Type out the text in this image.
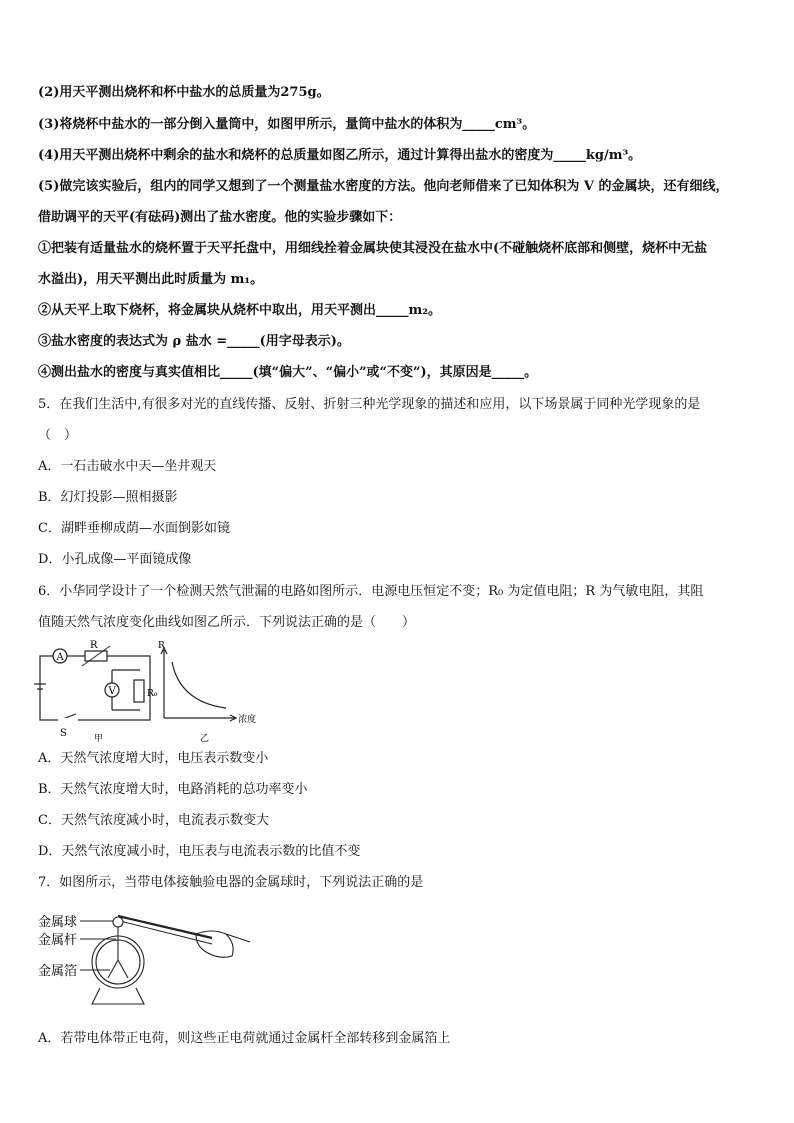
(2)用天平测出烧杯和杯中盐水的总质量为275g。
(3)将烧杯中盐水的一部分倒入量筒中，如图甲所示，量筒中盐水的体积为_____cm³。
(4)用天平测出烧杯中剩余的盐水和烧杯的总质量如图乙所示，通过计算得出盐水的密度为_____kg/m³。
(5)做完该实验后，组内的同学又想到了一个测量盐水密度的方法。他向老师借来了已知体积为 V 的金属块，还有细线，
借助调平的天平(有砝码)测出了盐水密度。他的实验步骤如下：
①把装有适量盐水的烧杯置于天平托盘中，用细线拴着金属块使其浸没在盐水中(不碰触烧杯底部和侧壁，烧杯中无盐
水溢出)，用天平测出此时质量为 m₁。
②从天平上取下烧杯，将金属块从烧杯中取出，用天平测出_____m₂。
③盐水密度的表达式为 ρ 盐水 =_____(用字母表示)。
④测出盐水的密度与真实值相比_____(填“偏大”、“偏小”或“不变”)，其原因是_____。
5．在我们生活中,有很多对光的直线传播、反射、折射三种光学现象的描述和应用，以下场景属于同种光学现象的是
（　）
A．一石击破水中天—坐井观天
B．幻灯投影—照相摄影
C．湖畔垂柳成荫—水面倒影如镜
D．小孔成像—平面镜成像
6．小华同学设计了一个检测天然气泄漏的电路如图所示．电源电压恒定不变；R₀ 为定值电阻；R 为气敏电阻，其阻
值随天然气浓度变化曲线如图乙所示．下列说法正确的是（　　）
A
R
V	R₀
S	甲
R
浓度
乙
A．天然气浓度增大时，电压表示数变小
B．天然气浓度增大时，电路消耗的总功率变小
C．天然气浓度减小时，电流表示数变大
D．天然气浓度减小时，电压表与电流表示数的比值不变
7．如图所示，当带电体接触验电器的金属球时，下列说法正确的是
金属球
金属杆
金属箔
A．若带电体带正电荷，则这些正电荷就通过金属杆全部转移到金属箔上
